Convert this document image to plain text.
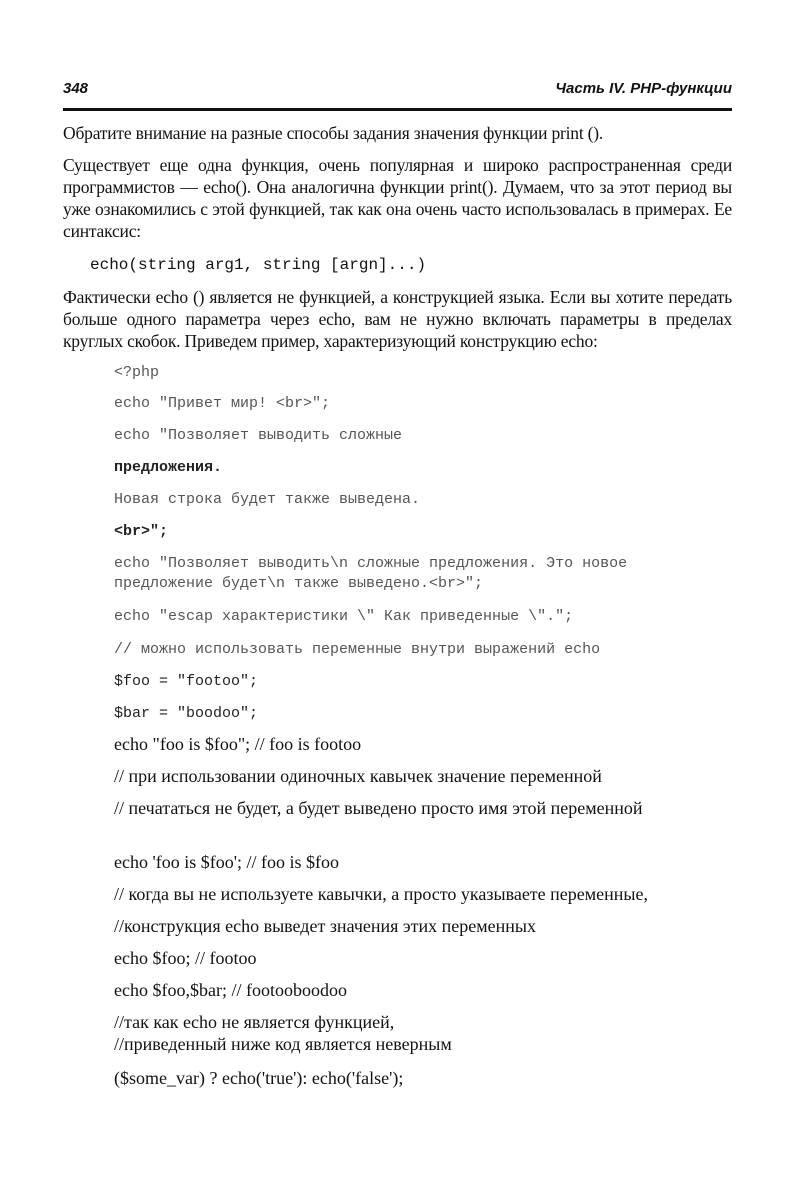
348	Часть IV. PHP-функции

Обратите внимание на разные способы задания значения функции print ().

Существует еще одна функция, очень популярная и широко распространенная среди программистов — echo(). Она аналогична функции print(). Думаем, что за этот период вы уже ознакомились с этой функцией, так как она очень часто использовалась в примерах. Ее синтаксис:

echo(string arg1, string [argn]...)

Фактически echo () является не функцией, а конструкцией языка. Если вы хотите передать больше одного параметра через echo, вам не нужно включать параметры в пределах круглых скобок. Приведем пример, характеризующий конструкцию echo:

<?php

echo "Привет мир! <br>";

echo "Позволяет выводить сложные

предложения.

Новая строка будет также выведена.

<br>";

echo "Позволяет выводить\n сложные предложения. Это новое предложение будет\n также выведено.<br>";

echo "escap характеристики \" Как приведенные \".";

// можно использовать переменные внутри выражений echo

$foo = "footoo";

$bar = "boodoo";

echo "foo is $foo"; // foo is footoo

// при использовании одиночных кавычек значение переменной

// печататься не будет, а будет выведено просто имя этой переменной

echo 'foo is $foo'; // foo is $foo

// когда вы не используете кавычки, а просто указываете переменные,

//конструкция echo выведет значения этих переменных

echo $foo; // footoo

echo $foo,$bar; // footooboodoo

//так как echo не является функцией,

//приведенный ниже код является неверным

($some_var) ? echo('true'): echo('false');
